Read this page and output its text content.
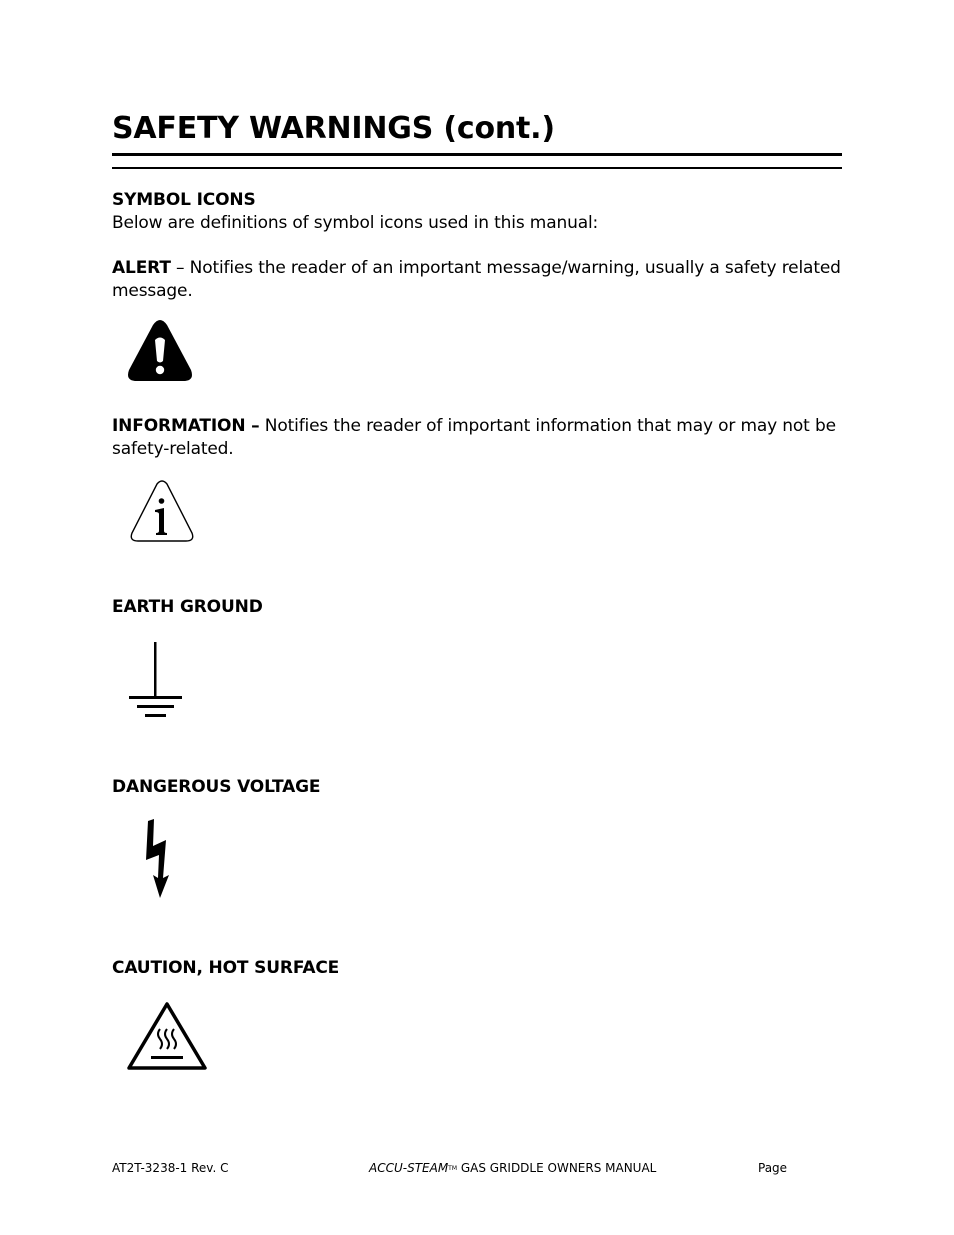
SAFETY WARNINGS (cont.)
SYMBOL ICONS
Below are definitions of symbol icons used in this manual:
ALERT – Notifies the reader of an important message/warning, usually a safety related
message.
INFORMATION – Notifies the reader of important information that may or may not be
safety-related.
EARTH GROUND
DANGEROUS VOLTAGE
CAUTION, HOT SURFACE
AT2T-3238-1 Rev. C	ACCU-STEAMTM GAS GRIDDLE OWNERS MANUAL	Page
